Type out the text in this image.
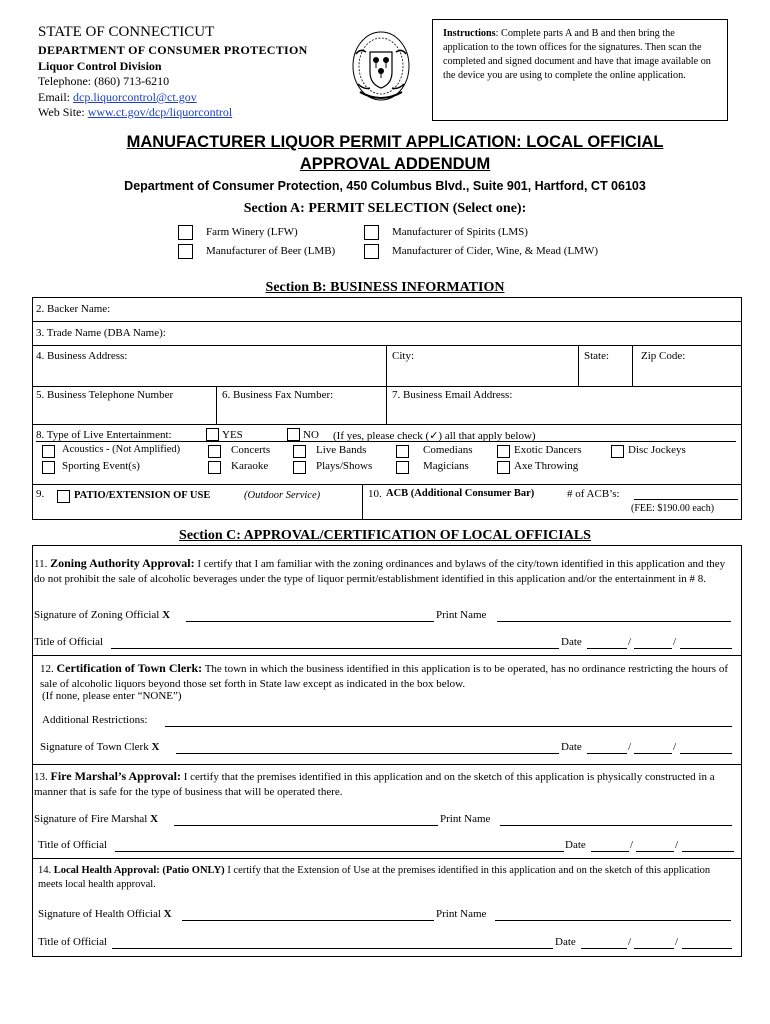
STATE OF CONNECTICUT
DEPARTMENT OF CONSUMER PROTECTION
Liquor Control Division
Telephone: (860) 713-6210
Email: dcp.liquorcontrol@ct.gov
Web Site: www.ct.gov/dcp/liquorcontrol
Instructions: Complete parts A and B and then bring the application to the town offices for the signatures. Then scan the completed and signed document and have that image available on the device you are using to complete the online application.
MANUFACTURER LIQUOR PERMIT APPLICATION: LOCAL OFFICIAL
APPROVAL ADDENDUM
Department of Consumer Protection, 450 Columbus Blvd., Suite 901, Hartford, CT 06103
Section A: PERMIT SELECTION (Select one):
Farm Winery (LFW)	Manufacturer of Spirits (LMS)
Manufacturer of Beer (LMB)	Manufacturer of Cider, Wine, & Mead (LMW)
Section B: BUSINESS INFORMATION
2. Backer Name:
3. Trade Name (DBA Name):
4. Business Address:	City:	State:	Zip Code:
5. Business Telephone Number	6. Business Fax Number:	7. Business Email Address:
8. Type of Live Entertainment:	YES	NO (If yes, please check (✓) all that apply below)
Acoustics - (Not Amplified)	Concerts	Live Bands	Comedians	Exotic Dancers	Disc Jockeys
Sporting Event(s)	Karaoke	Plays/Shows	Magicians	Axe Throwing
9.	PATIO/EXTENSION OF USE	(Outdoor Service)	10. ACB (Additional Consumer Bar)	# of ACB’s:
(FEE: $190.00 each)
Section C: APPROVAL/CERTIFICATION OF LOCAL OFFICIALS
11. Zoning Authority Approval: I certify that I am familiar with the zoning ordinances and bylaws of the city/town identified in this application and they do not prohibit the sale of alcoholic beverages under the type of liquor permit/establishment identified in this application and/or the entertainment in # 8.
Signature of Zoning Official X	Print Name
Title of Official	Date	/	/
12. Certification of Town Clerk: The town in which the business identified in this application is to be operated, has no ordinance restricting the hours of sale of alcoholic liquors beyond those set forth in State law except as indicated in the box below.
(If none, please enter “NONE”)
Additional Restrictions:
Signature of Town Clerk X	Date	/	/
13. Fire Marshal’s Approval: I certify that the premises identified in this application and on the sketch of this application is physically constructed in a manner that is safe for the type of business that will be operated there.
Signature of Fire Marshal X	Print Name
Title of Official	Date	/	/
14. Local Health Approval: (Patio ONLY) I certify that the Extension of Use at the premises identified in this application and on the sketch of this application meets local health approval.
Signature of Health Official X	Print Name
Title of Official	Date	/	/
